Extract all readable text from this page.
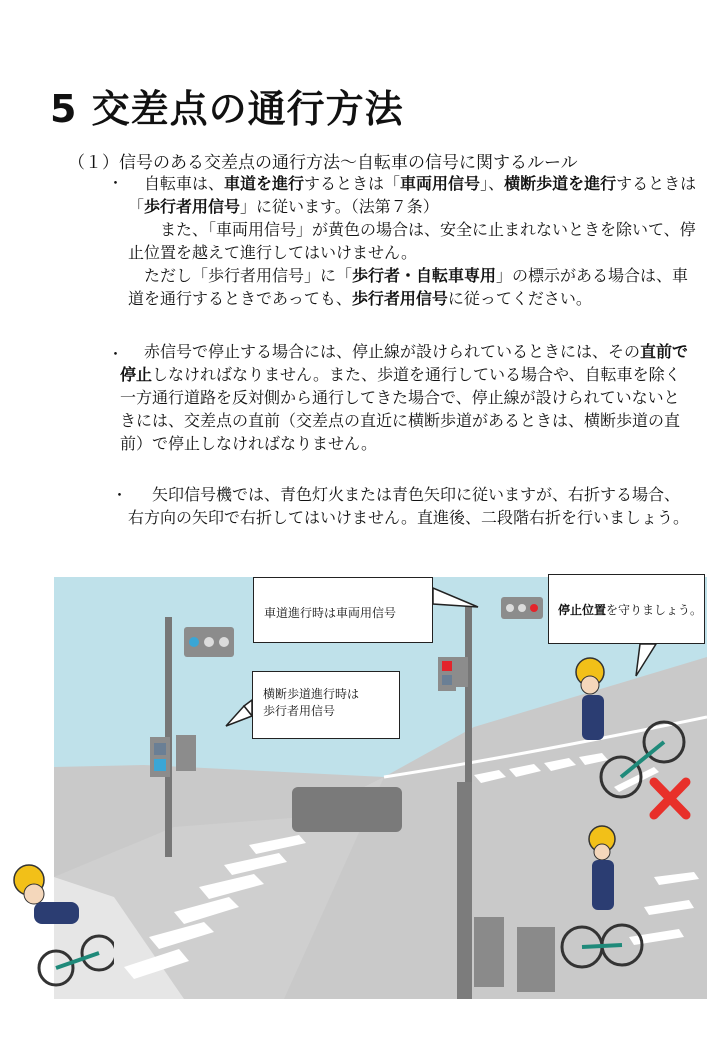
5 交差点の通行方法
（１）信号のある交差点の通行方法～自転車の信号に関するルール
・	自転車は、車道を進行するときは「車両用信号」、横断歩道を進行するときは「歩行者用信号」に従います。（法第７条）
また、「車両用信号」が黄色の場合は、安全に止まれないときを除いて、停止位置を越えて進行してはいけません。
ただし「歩行者用信号」に「歩行者・自転車専用」の標示がある場合は、車道を通行するときであっても、歩行者用信号に従ってください。
・	赤信号で停止する場合には、停止線が設けられているときには、その直前で停止しなければなりません。また、歩道を通行している場合や、自転車を除く一方通行道路を反対側から通行してきた場合で、停止線が設けられていないときには、交差点の直前（交差点の直近に横断歩道があるときは、横断歩道の直前）で停止しなければなりません。
・	矢印信号機では、青色灯火または青色矢印に従いますが、右折する場合、右方向の矢印で右折してはいけません。直進後、二段階右折を行いましょう。
車道進行時は車両用信号
横断歩道進行時は
歩行者用信号
停止位置を守りましょう。
